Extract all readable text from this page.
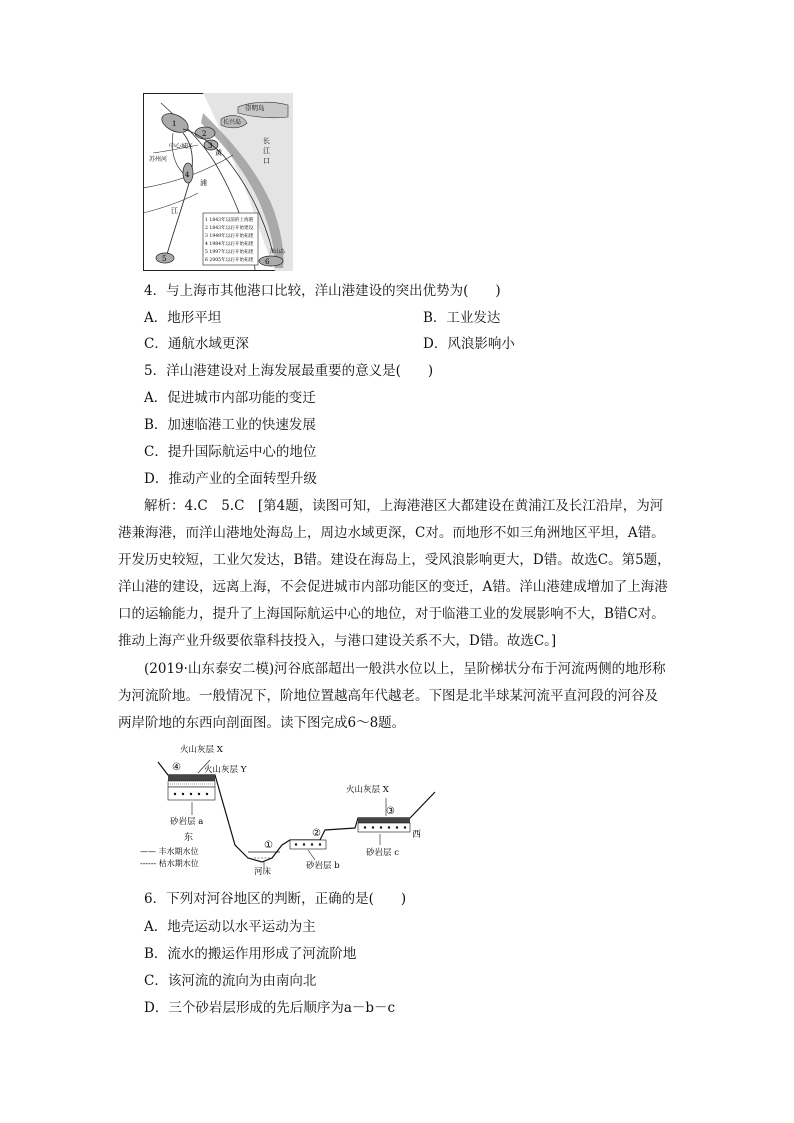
1
2
3
4
5	6
崇明岛
长兴岛
长
江
口
中心城区
苏州河
黄
浦
江
洋山岛
1 1843年以前的上海港
2 1843年以后开始建设
3 1949年以后开始拓建
4 1984年以后开始拓建
5 1997年以后开始拓建
6 2005年以后开始拓建
4．与上海市其他港口比较，洋山港建设的突出优势为(　　)
A．地形平坦	B．工业发达
C．通航水域更深	D．风浪影响小
5．洋山港建设对上海发展最重要的意义是(　　)
A．促进城市内部功能的变迁
B．加速临港工业的快速发展
C．提升国际航运中心的地位
D．推动产业的全面转型升级
解析：4.C　5.C　[第4题，读图可知，上海港港区大都建设在黄浦江及长江沿岸，为河
港兼海港，而洋山港地处海岛上，周边水域更深，C对。而地形不如三角洲地区平坦，A错。
开发历史较短，工业欠发达，B错。建设在海岛上，受风浪影响更大，D错。故选C。第5题，
洋山港的建设，远离上海，不会促进城市内部功能区的变迁，A错。洋山港建成增加了上海港
口的运输能力，提升了上海国际航运中心的地位，对于临港工业的发展影响不大，B错C对。
推动上海产业升级要依靠科技投入，与港口建设关系不大，D错。故选C。]
(2019·山东泰安二模)河谷底部超出一般洪水位以上，呈阶梯状分布于河流两侧的地形称
为河流阶地。一般情况下，阶地位置越高年代越老。下图是北半球某河流平直河段的河谷及
两岸阶地的东西向剖面图。读下图完成6～8题。
火山灰层 X
火山灰层 Y
④
砂岩层 a
东
—— 丰水期水位
------ 枯水期水位
①
河床
②
砂岩层 b
火山灰层 X
③
砂岩层 c
西
6．下列对河谷地区的判断，正确的是(　　)
A．地壳运动以水平运动为主
B．流水的搬运作用形成了河流阶地
C．该河流的流向为由南向北
D．三个砂岩层形成的先后顺序为a－b－c
